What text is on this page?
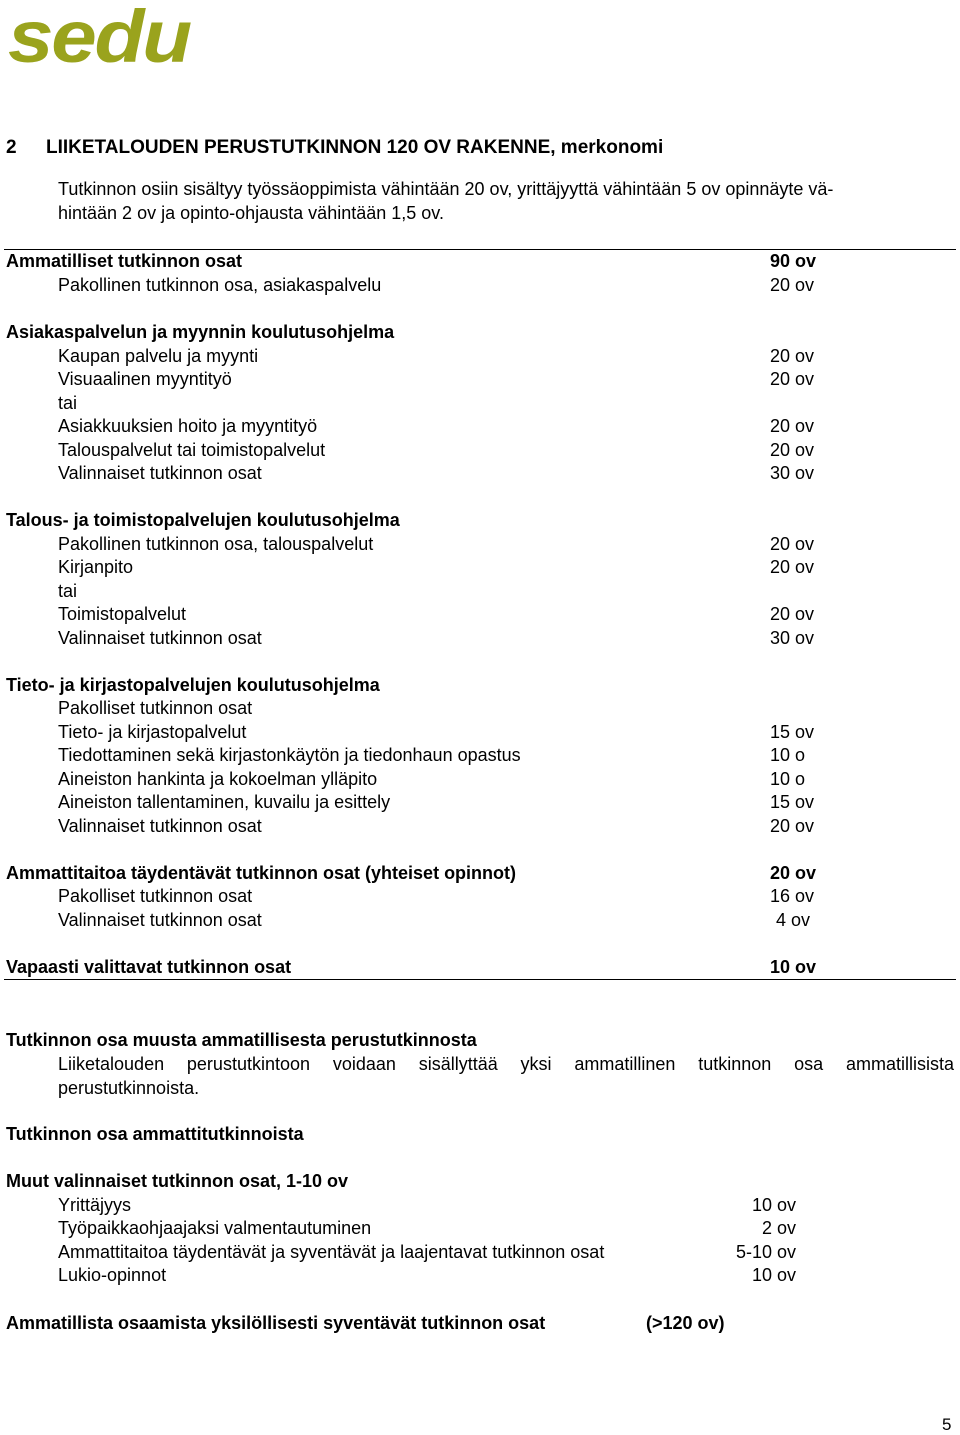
sedu
2 LIIKETALOUDEN PERUSTUTKINNON 120 OV RAKENNE, merkonomi
Tutkinnon osiin sisältyy työssäoppimista vähintään 20 ov, yrittäjyyttä vähintään 5 ov opinnäyte vä-
hintään 2 ov ja opinto-ohjausta vähintään 1,5 ov.
Ammatilliset tutkinnon osat	90 ov
Pakollinen tutkinnon osa, asiakaspalvelu	20 ov
Asiakaspalvelun ja myynnin koulutusohjelma
Kaupan palvelu ja myynti	20 ov
Visuaalinen myyntityö	20 ov
tai
Asiakkuuksien hoito ja myyntityö	20 ov
Talouspalvelut tai toimistopalvelut	20 ov
Valinnaiset tutkinnon osat	30 ov
Talous- ja toimistopalvelujen koulutusohjelma
Pakollinen tutkinnon osa, talouspalvelut	20 ov
Kirjanpito	20 ov
tai
Toimistopalvelut	20 ov
Valinnaiset tutkinnon osat	30 ov
Tieto- ja kirjastopalvelujen koulutusohjelma
Pakolliset tutkinnon osat
Tieto- ja kirjastopalvelut	15 ov
Tiedottaminen sekä kirjastonkäytön ja tiedonhaun opastus	10 o
Aineiston hankinta ja kokoelman ylläpito	10 o
Aineiston tallentaminen, kuvailu ja esittely	15 ov
Valinnaiset tutkinnon osat	20 ov
Ammattitaitoa täydentävät tutkinnon osat (yhteiset opinnot)	20 ov
Pakolliset tutkinnon osat	16 ov
Valinnaiset tutkinnon osat	4 ov
Vapaasti valittavat tutkinnon osat	10 ov
Tutkinnon osa muusta ammatillisesta perustutkinnosta
Liiketalouden perustutkintoon voidaan sisällyttää yksi ammatillinen tutkinnon osa ammatillisista perustutkinnoista.
Tutkinnon osa ammattitutkinnoista
Muut valinnaiset tutkinnon osat, 1-10 ov
Yrittäjyys	10 ov
Työpaikkaohjaajaksi valmentautuminen	2 ov
Ammattitaitoa täydentävät ja syventävät ja laajentavat tutkinnon osat	5-10 ov
Lukio-opinnot	10 ov
Ammatillista osaamista yksilöllisesti syventävät tutkinnon osat	(>120 ov)
5
